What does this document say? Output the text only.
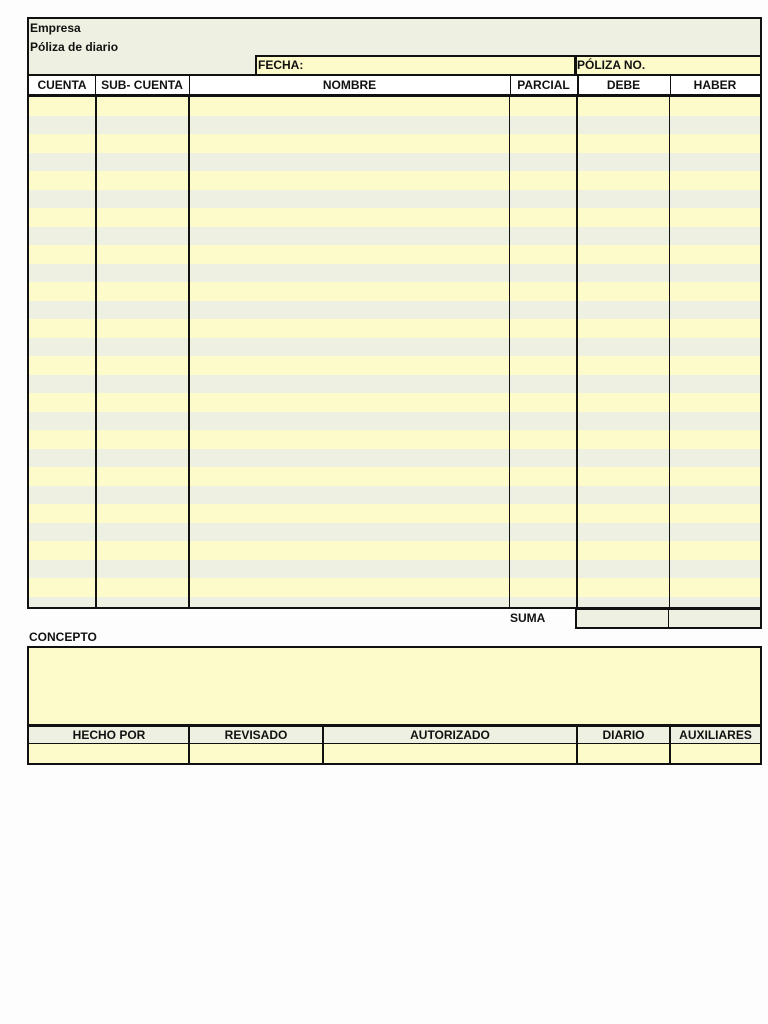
Empresa
Póliza de diario
FECHA:	PÓLIZA NO.
CUENTA	SUB- CUENTA	NOMBRE	PARCIAL	DEBE	HABER
SUMA
CONCEPTO
HECHO POR	REVISADO	AUTORIZADO	DIARIO	AUXILIARES
